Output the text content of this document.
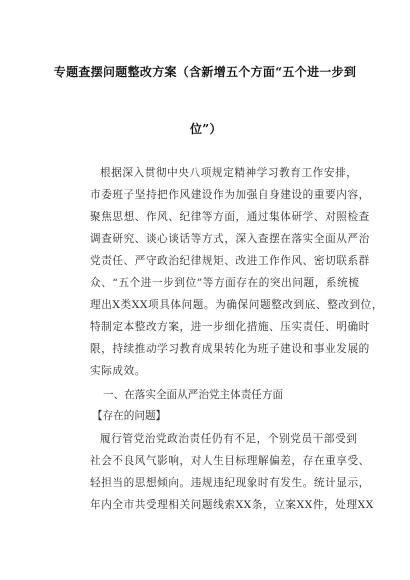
专题查摆问题整改方案（含新增五个方面“五个进一步到
位”）
根据深入贯彻中央八项规定精神学习教育工作安排，
市委班子坚持把作风建设作为加强自身建设的重要内容，
聚焦思想、作风、纪律等方面，通过集体研学、对照检查
调查研究、谈心谈话等方式，深入查摆在落实全面从严治
党责任、严守政治纪律规矩、改进工作作风、密切联系群
众、“五个进一步到位”等方面存在的突出问题，系统梳
理出X类XX项具体问题。为确保问题整改到底、整改到位，
特制定本整改方案，进一步细化措施、压实责任、明确时
限，持续推动学习教育成果转化为班子建设和事业发展的
实际成效。
一、在落实全面从严治党主体责任方面
【存在的问题】
履行管党治党政治责任仍有不足，个别党员干部受到
社会不良风气影响，对人生目标理解偏差，存在重享受、
轻担当的思想倾向。违规违纪现象时有发生。统计显示，
年内全市共受理相关问题线索XX条，立案XX件，处理XX
